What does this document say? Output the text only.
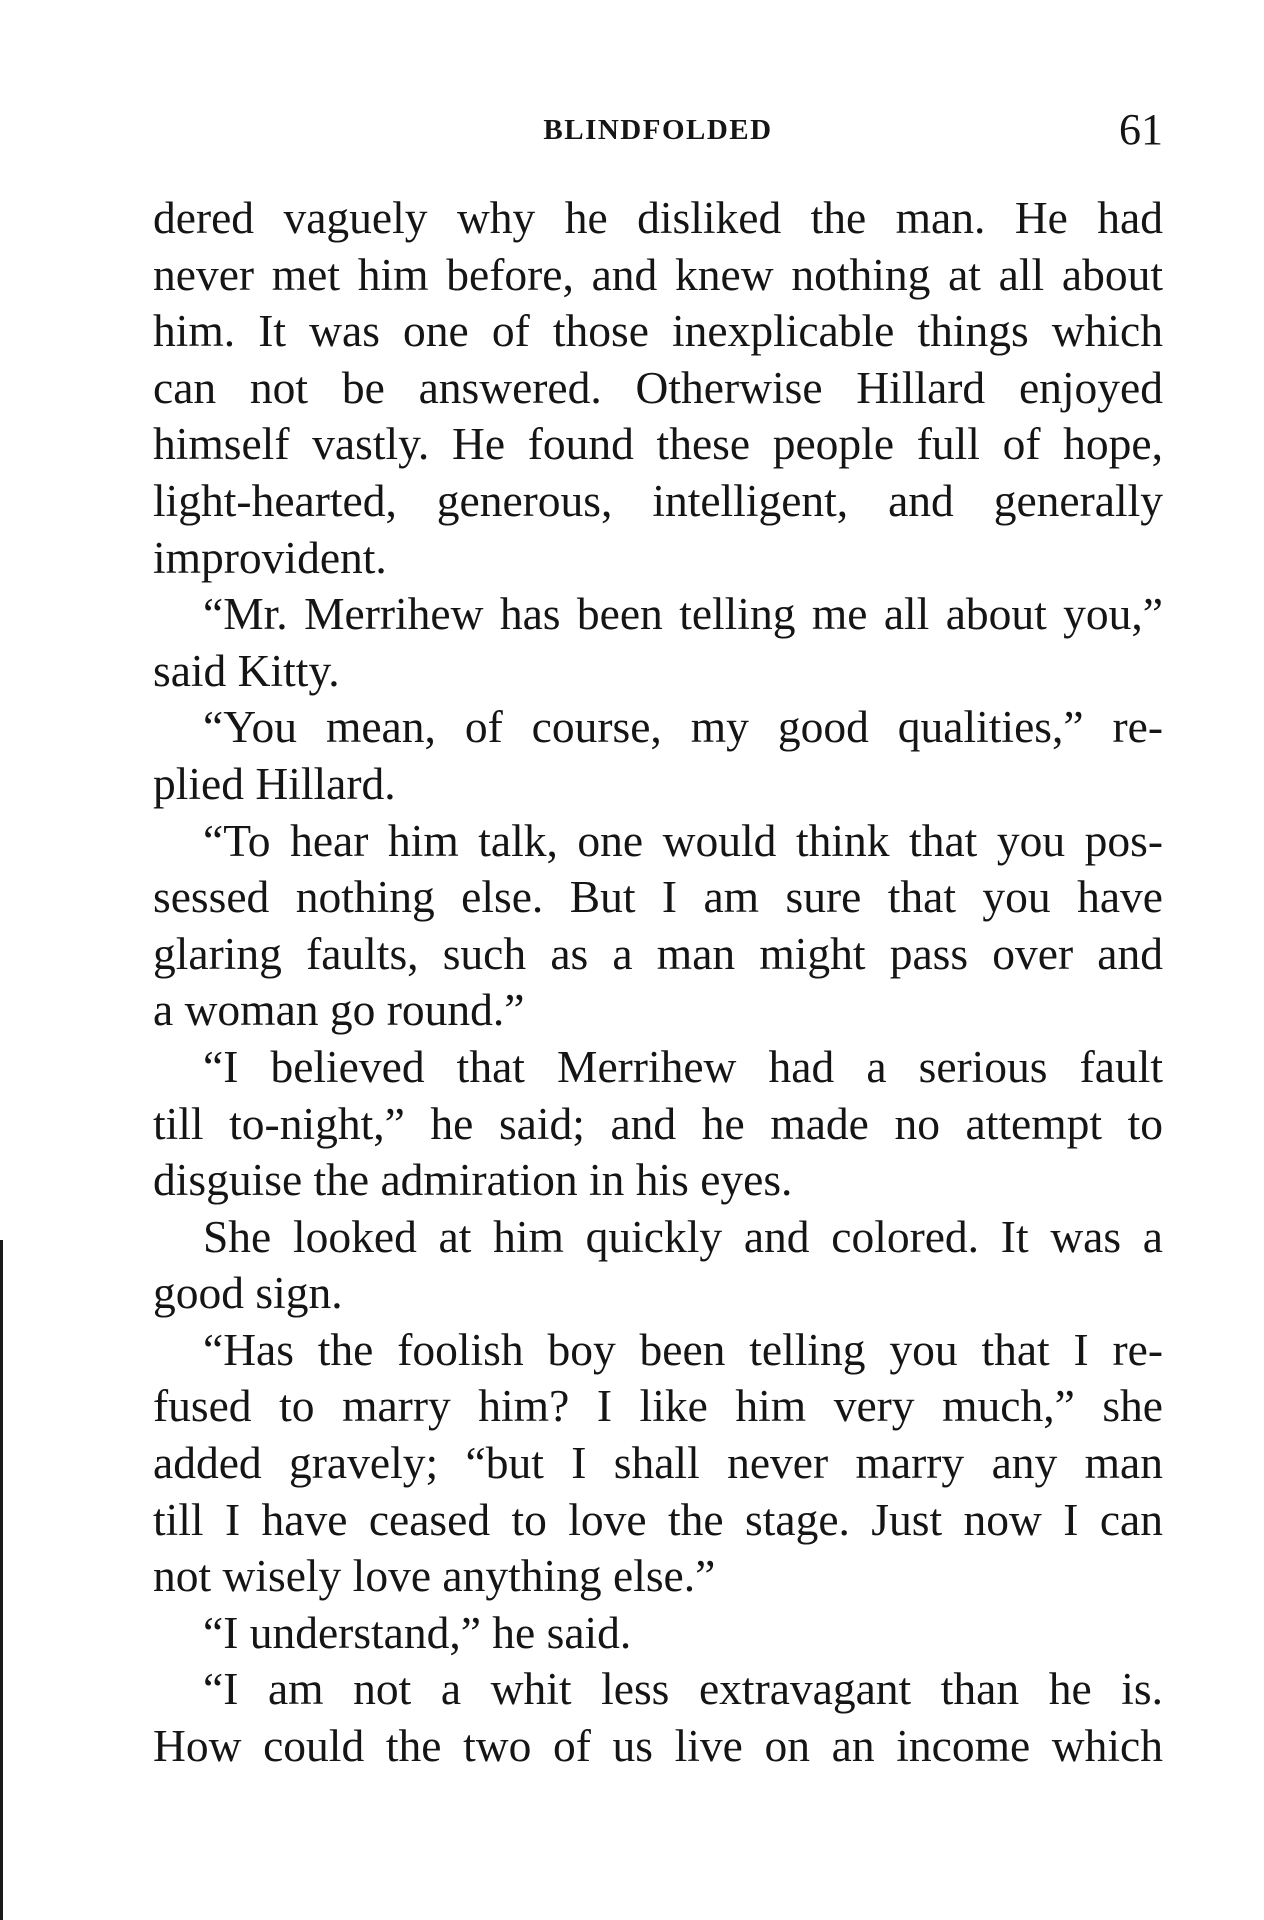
BLINDFOLDED	61
dered vaguely why he disliked the man. He had
never met him before, and knew nothing at all about
him. It was one of those inexplicable things which
can not be answered. Otherwise Hillard enjoyed
himself vastly. He found these people full of hope,
light-hearted, generous, intelligent, and generally
improvident.
“Mr. Merrihew has been telling me all about you,”
said Kitty.
“You mean, of course, my good qualities,” re-
plied Hillard.
“To hear him talk, one would think that you pos-
sessed nothing else. But I am sure that you have
glaring faults, such as a man might pass over and
a woman go round.”
“I believed that Merrihew had a serious fault
till to-night,” he said; and he made no attempt to
disguise the admiration in his eyes.
She looked at him quickly and colored. It was a
good sign.
“Has the foolish boy been telling you that I re-
fused to marry him? I like him very much,” she
added gravely; “but I shall never marry any man
till I have ceased to love the stage. Just now I can
not wisely love anything else.”
“I understand,” he said.
“I am not a whit less extravagant than he is.
How could the two of us live on an income which
